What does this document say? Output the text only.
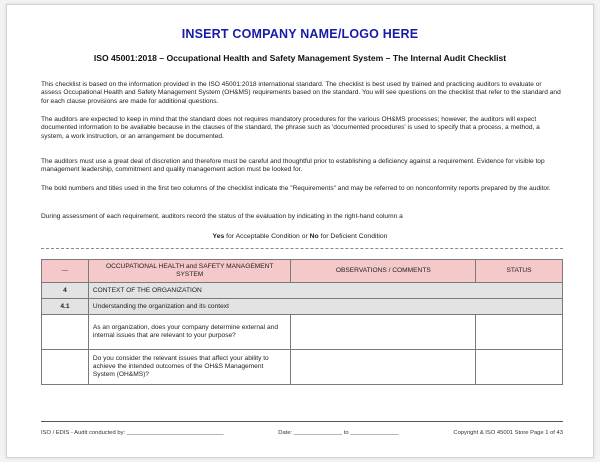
INSERT COMPANY NAME/LOGO HERE
ISO 45001:2018 – Occupational Health and Safety Management System – The Internal Audit Checklist
This checklist is based on the information provided in the ISO 45001:2018 international standard. The checklist is best used by trained and practicing auditors to evaluate or assess Occupational Health and Safety Management System (OH&MS) requirements based on the standard. You will see questions on the checklist that refer to the standard and for each clause provisions are made for additional questions.
The auditors are expected to keep in mind that the standard does not requires mandatory procedures for the various OH&MS processes; however, the auditors will expect documented information to be available because in the clauses of the standard, the phrase such as 'documented procedures' is used to specify that a process, a method, a system, a work instruction, or an arrangement be documented.
The auditors must use a great deal of discretion and therefore must be careful and thoughtful prior to establishing a deficiency against a requirement. Evidence for visible top management leadership, commitment and quality management action must be looked for.
The bold numbers and titles used in the first two columns of the checklist indicate the "Requirements" and may be referred to on nonconformity reports prepared by the auditor.
During assessment of each requirement, auditors record the status of the evaluation by indicating in the right-hand column a
Yes for Acceptable Condition or No for Deficient Condition
---	OCCUPATIONAL HEALTH and SAFETY MANAGEMENT SYSTEM	OBSERVATIONS / COMMENTS	STATUS
4	CONTEXT OF THE ORGANIZATION		
4.1	Understanding the organization and its context		
	As an organization, does your company determine external and internal issues that are relevant to your purpose?		
	Do you consider the relevant issues that affect your ability to achieve the intended outcomes of the OH&S Management System (OH&MS)?		
ISO / EDIS - Audit conducted by: ______________________________	Date: _______________ to _______________	Copyright & ISO 45001 Store Page 1 of 43
